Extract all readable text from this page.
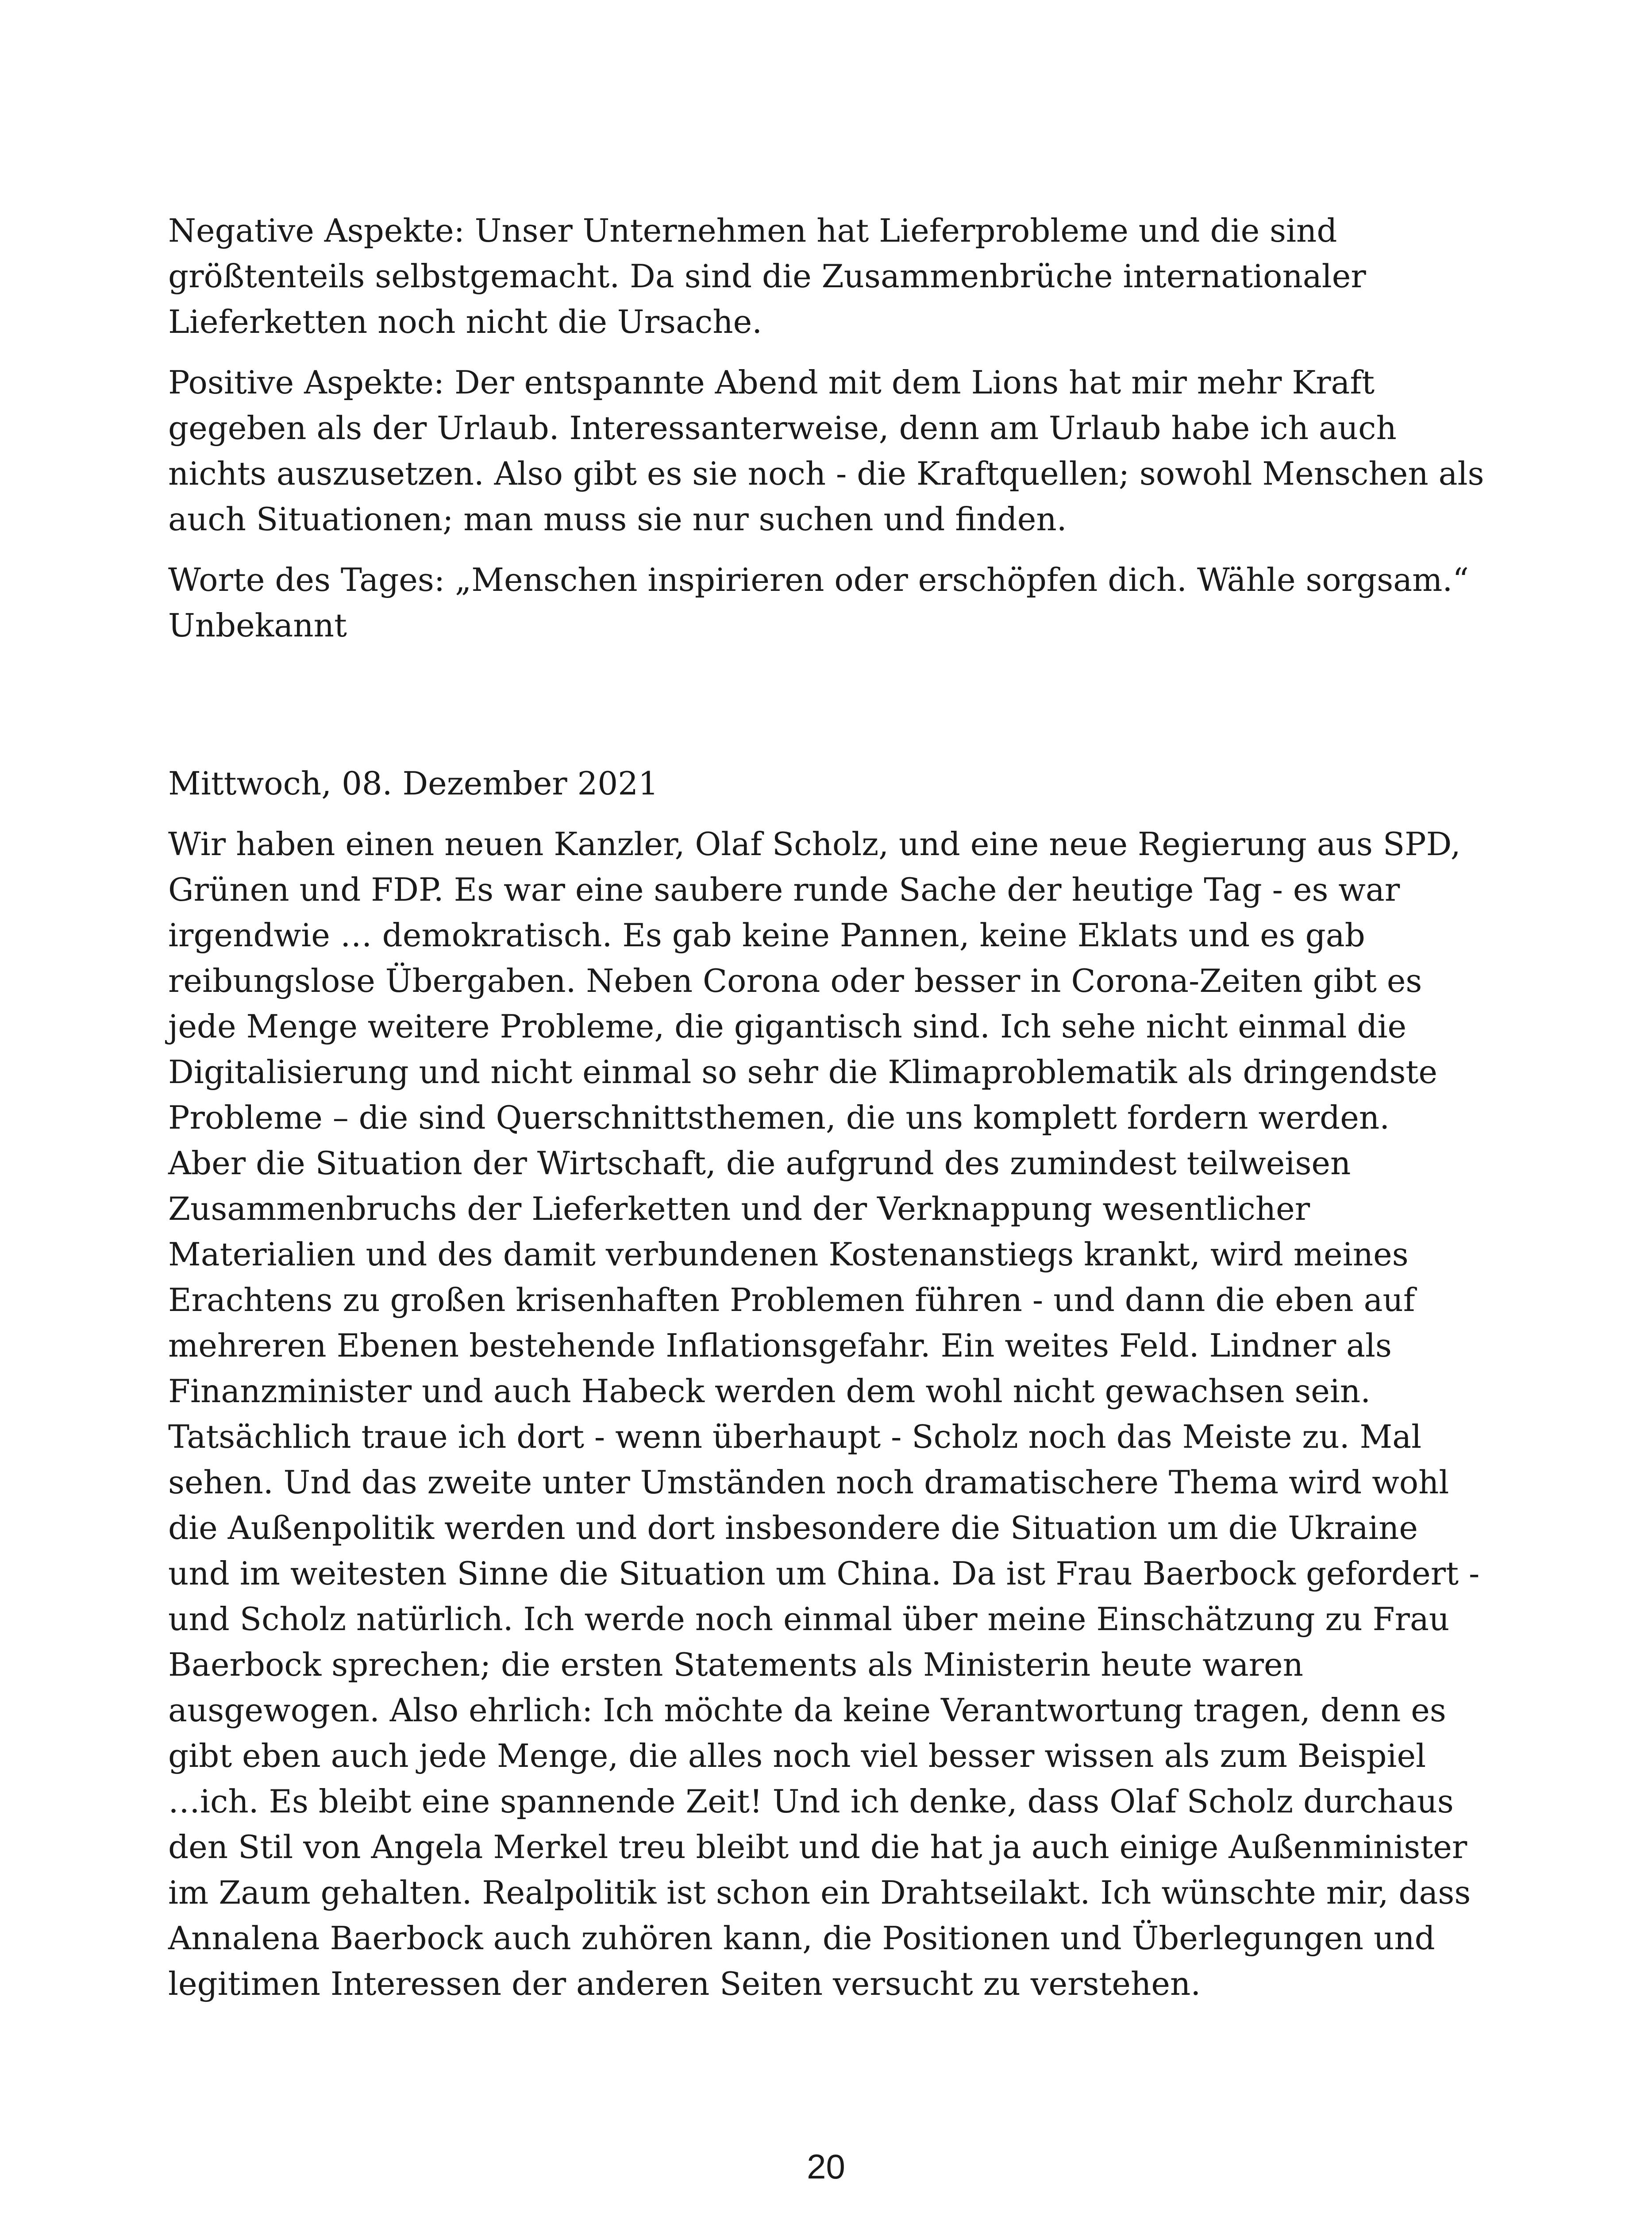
Negative Aspekte: Unser Unternehmen hat Lieferprobleme und die sind
größtenteils selbstgemacht. Da sind die Zusammenbrüche internationaler
Lieferketten noch nicht die Ursache.

Positive Aspekte: Der entspannte Abend mit dem Lions hat mir mehr Kraft
gegeben als der Urlaub. Interessanterweise, denn am Urlaub habe ich auch
nichts auszusetzen. Also gibt es sie noch - die Kraftquellen; sowohl Menschen als
auch Situationen; man muss sie nur suchen und finden.

Worte des Tages: „Menschen inspirieren oder erschöpfen dich. Wähle sorgsam.“
Unbekannt

Mittwoch, 08. Dezember 2021

Wir haben einen neuen Kanzler, Olaf Scholz, und eine neue Regierung aus SPD,
Grünen und FDP. Es war eine saubere runde Sache der heutige Tag - es war
irgendwie … demokratisch. Es gab keine Pannen, keine Eklats und es gab
reibungslose Übergaben. Neben Corona oder besser in Corona-Zeiten gibt es
jede Menge weitere Probleme, die gigantisch sind. Ich sehe nicht einmal die
Digitalisierung und nicht einmal so sehr die Klimaproblematik als dringendste
Probleme – die sind Querschnittsthemen, die uns komplett fordern werden.
Aber die Situation der Wirtschaft, die aufgrund des zumindest teilweisen
Zusammenbruchs der Lieferketten und der Verknappung wesentlicher
Materialien und des damit verbundenen Kostenanstiegs krankt, wird meines
Erachtens zu großen krisenhaften Problemen führen - und dann die eben auf
mehreren Ebenen bestehende Inflationsgefahr. Ein weites Feld. Lindner als
Finanzminister und auch Habeck werden dem wohl nicht gewachsen sein.
Tatsächlich traue ich dort - wenn überhaupt - Scholz noch das Meiste zu. Mal
sehen. Und das zweite unter Umständen noch dramatischere Thema wird wohl
die Außenpolitik werden und dort insbesondere die Situation um die Ukraine
und im weitesten Sinne die Situation um China. Da ist Frau Baerbock gefordert -
und Scholz natürlich. Ich werde noch einmal über meine Einschätzung zu Frau
Baerbock sprechen; die ersten Statements als Ministerin heute waren
ausgewogen. Also ehrlich: Ich möchte da keine Verantwortung tragen, denn es
gibt eben auch jede Menge, die alles noch viel besser wissen als zum Beispiel
…ich. Es bleibt eine spannende Zeit! Und ich denke, dass Olaf Scholz durchaus
den Stil von Angela Merkel treu bleibt und die hat ja auch einige Außenminister
im Zaum gehalten. Realpolitik ist schon ein Drahtseilakt. Ich wünschte mir, dass
Annalena Baerbock auch zuhören kann, die Positionen und Überlegungen und
legitimen Interessen der anderen Seiten versucht zu verstehen.

20
